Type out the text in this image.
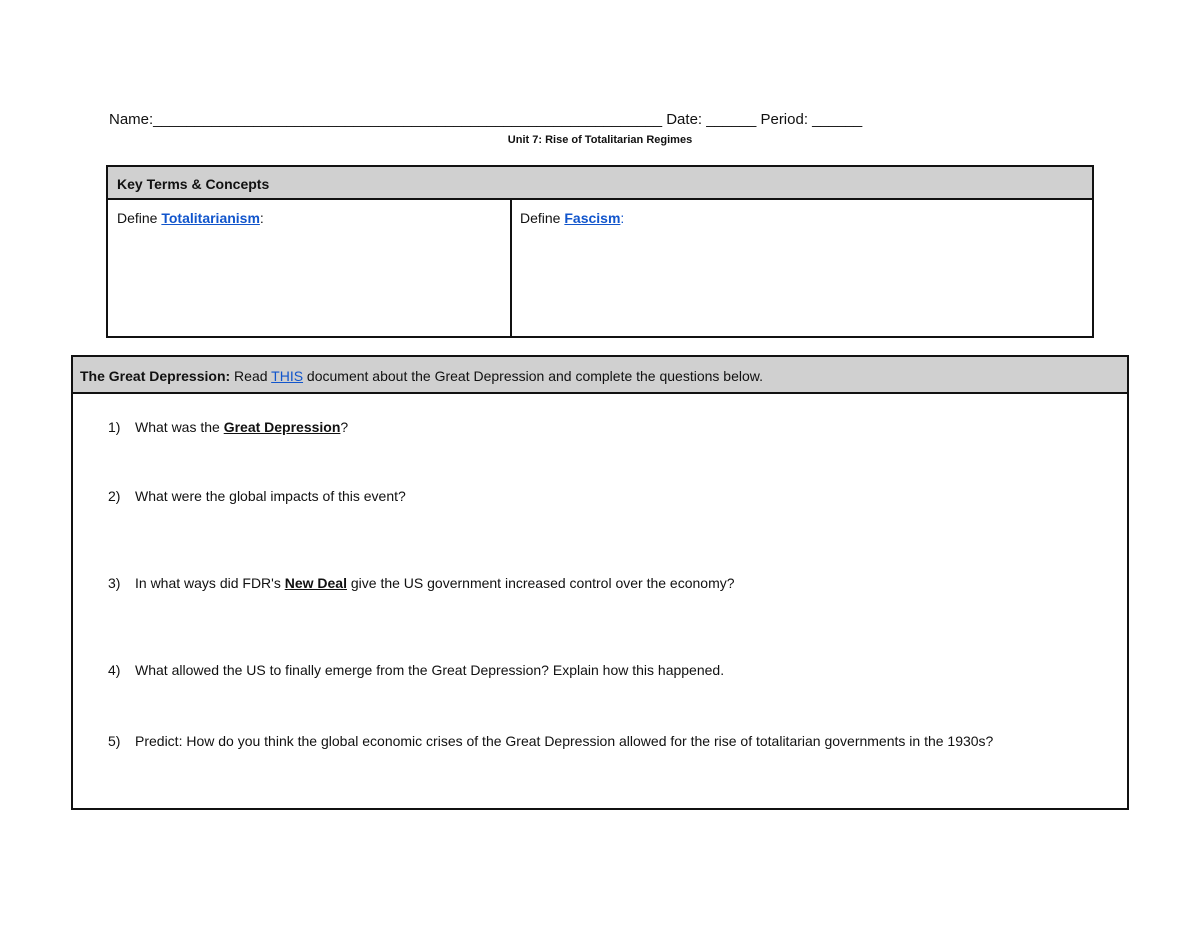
Name:_____________________________________________________________ Date: ______ Period: ______
Unit 7: Rise of Totalitarian Regimes
Key Terms & Concepts
Define Totalitarianism:	Define Fascism:
The Great Depression: Read THIS document about the Great Depression and complete the questions below.
1) What was the Great Depression?
2) What were the global impacts of this event?
3) In what ways did FDR's New Deal give the US government increased control over the economy?
4) What allowed the US to finally emerge from the Great Depression? Explain how this happened.
5) Predict: How do you think the global economic crises of the Great Depression allowed for the rise of totalitarian governments in the 1930s?
